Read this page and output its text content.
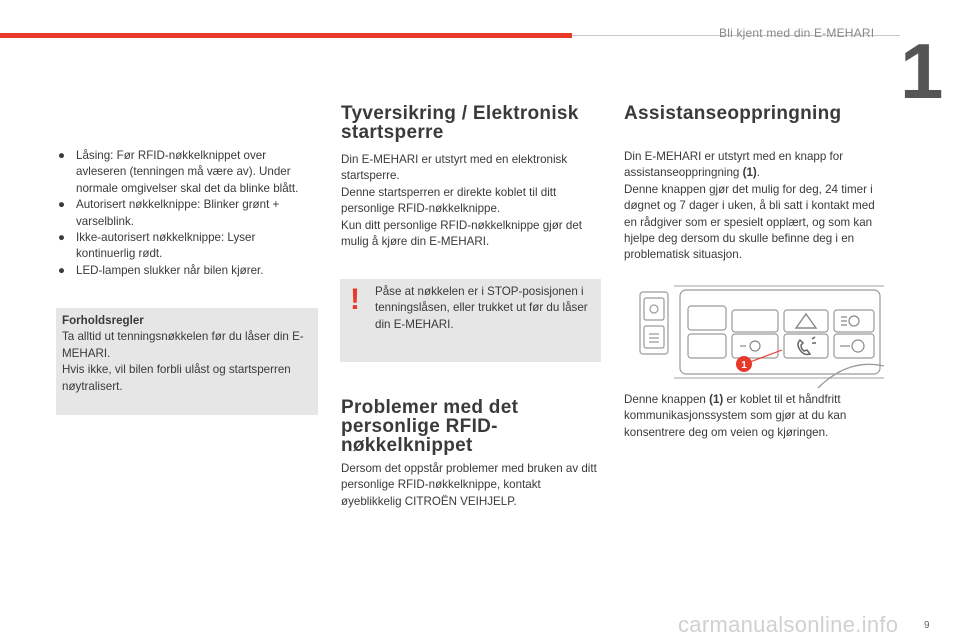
Bli kjent med din E-MEHARI 1
● Låsing: Før RFID-nøkkelknippet over avleseren (tenningen må være av). Under normale omgivelser skal det da blinke blått.
● Autorisert nøkkelknippe: Blinker grønt + varselblink.
● Ikke-autorisert nøkkelknippe: Lyser kontinuerlig rødt.
● LED-lampen slukker når bilen kjører.

Forholdsregler

Ta alltid ut tenningsnøkkelen før du låser din E-MEHARI.

Hvis ikke, vil bilen forbli ulåst og startsperren nøytralisert.

Tyversikring / Elektronisk
startsperre

Din E-MEHARI er utstyrt med en elektronisk startsperre.

Denne startsperren er direkte koblet til ditt personlige RFID-nøkkelknippe.

Kun ditt personlige RFID-nøkkelknippe gjør det mulig å kjøre din E-MEHARI.

Påse at nøkkelen er i STOP-posisjonen i tenningslåsen, eller trukket ut før du låser din E-MEHARI.
!
Problemer med det
personlige RFID-
nøkkelknippet

Dersom det oppstår problemer med bruken av ditt personlige RFID-nøkkelknippe, kontakt øyeblikkelig CITROËN VEIHJELP.

Assistanseoppringning

Din E-MEHARI er utstyrt med en knapp for assistanseoppringning (1).

Denne knappen gjør det mulig for deg, 24 timer i døgnet og 7 dager i uken, å bli satt i kontakt med en rådgiver som er spesielt opplært, og som kan hjelpe deg dersom du skulle befinne deg i en problematisk situasjon.

1

Denne knappen (1) er koblet til et håndfritt kommunikasjonssystem som gjør at du kan konsentrere deg om veien og kjøringen.

carmanualsonline.info	9
